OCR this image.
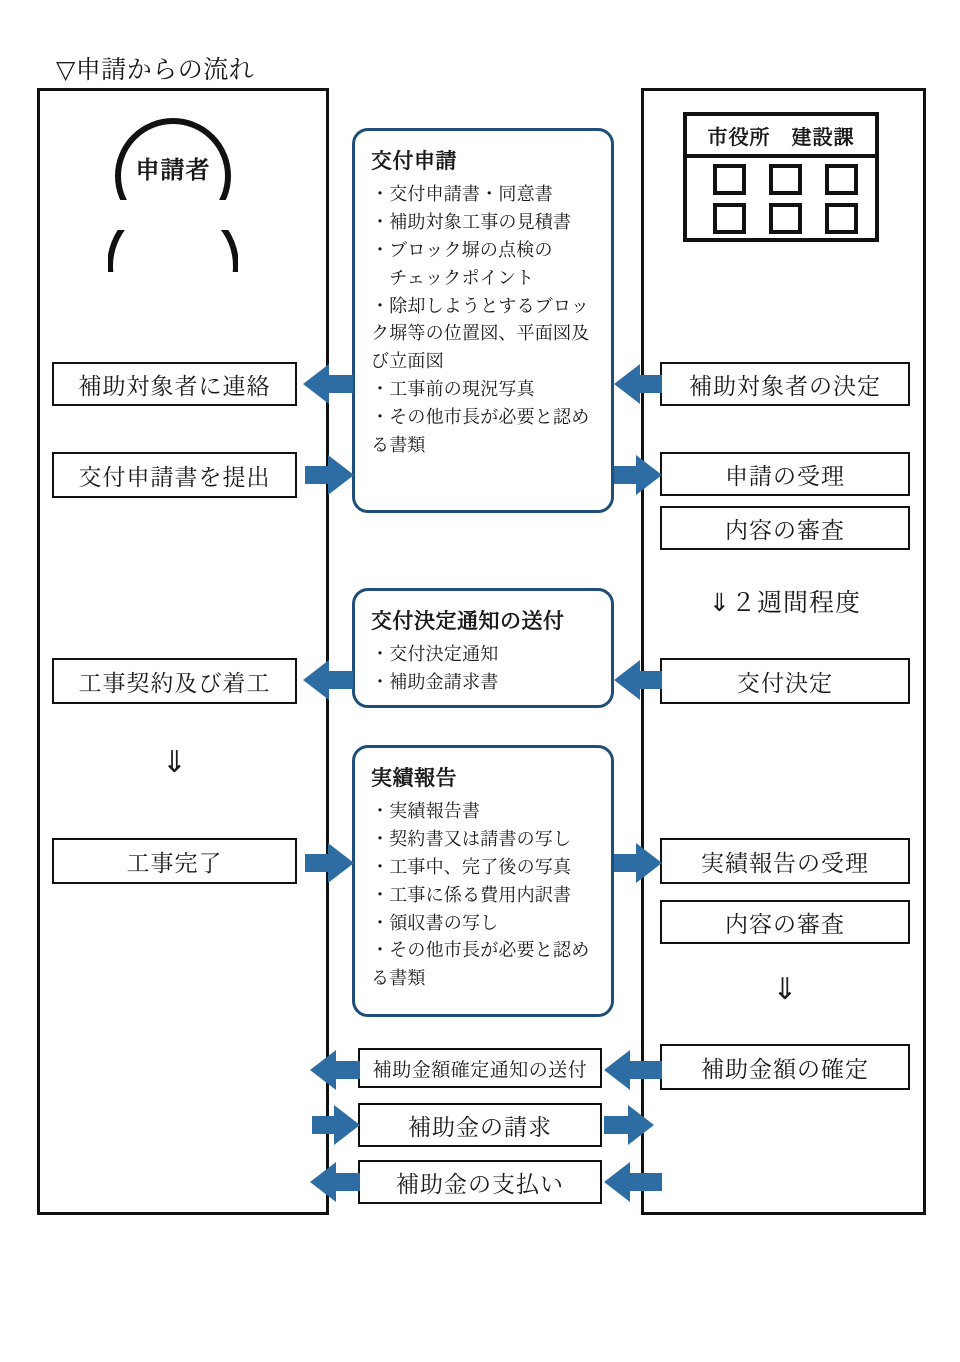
▽申請からの流れ
申請者
市役所　建設課
補助対象者に連絡
交付申請書を提出
工事契約及び着工
⇓
工事完了
補助対象者の決定
申請の受理
内容の審査
⇓２週間程度
交付決定
実績報告の受理
内容の審査
⇓
補助金額の確定
交付申請
・ 交付申請書・同意書
・ 補助対象工事の見積書
・ ブロック塀の点検の
　チェックポイント
・ 除却しようとするブロッ
ク塀等の位置図、平面図及
び立面図
・ 工事前の現況写真
・ その他市長が必要と認め
る書類
交付決定通知の送付
・ 交付決定通知
・ 補助金請求書
実績報告
・ 実績報告書
・ 契約書又は請書の写し
・ 工事中、完了後の写真
・ 工事に係る費用内訳書
・ 領収書の写し
・ その他市長が必要と認め
る書類
補助金額確定通知の送付
補助金の請求
補助金の支払い
